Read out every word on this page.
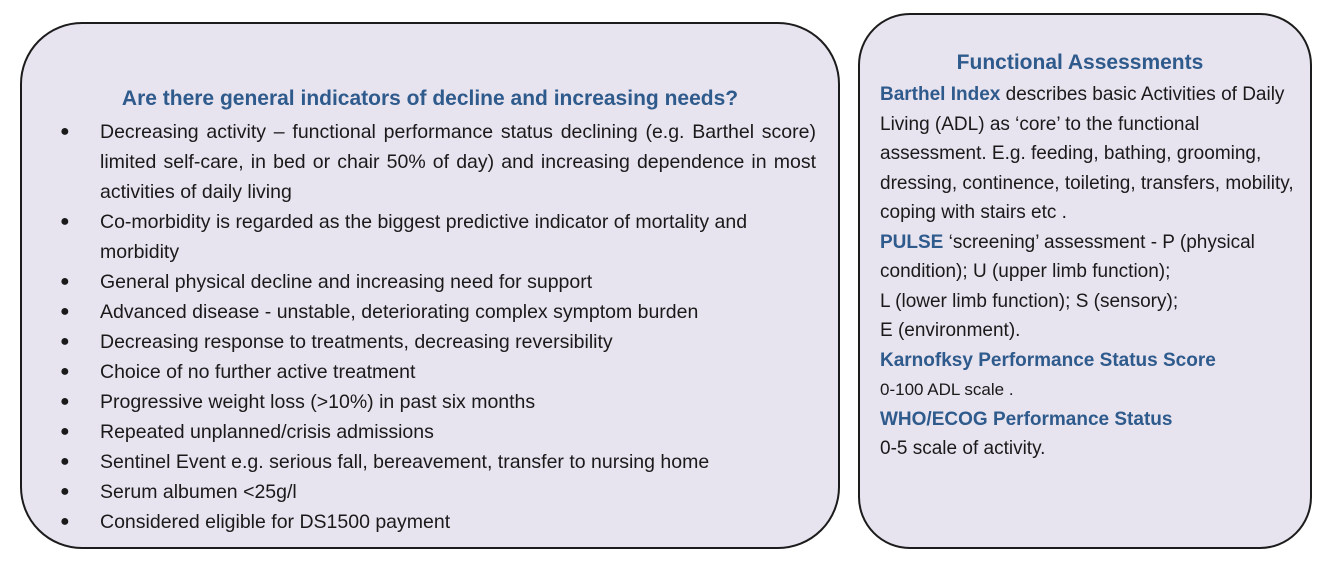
Are there general indicators of decline and increasing needs?
● Decreasing activity – functional performance status declining (e.g. Barthel score) limited self-care, in bed or chair 50% of day) and increasing dependence in most activities of daily living
● Co-morbidity is regarded as the biggest predictive indicator of mortality and morbidity
● General physical decline and increasing need for support
● Advanced disease - unstable, deteriorating complex symptom burden
● Decreasing response to treatments, decreasing reversibility
● Choice of no further active treatment
● Progressive weight loss (>10%) in past six months
● Repeated unplanned/crisis admissions
● Sentinel Event e.g. serious fall, bereavement, transfer to nursing home
● Serum albumen <25g/l
● Considered eligible for DS1500 payment
Functional Assessments
Barthel Index describes basic Activities of Daily Living (ADL) as ‘core’ to the functional assessment. E.g. feeding, bathing, grooming, dressing, continence, toileting, transfers, mobility, coping with stairs etc .
PULSE ‘screening’ assessment - P (physical condition); U (upper limb function);
L (lower limb function); S (sensory);
E (environment).
Karnofksy Performance Status Score
0-100 ADL scale .
WHO/ECOG Performance Status
0-5 scale of activity.
